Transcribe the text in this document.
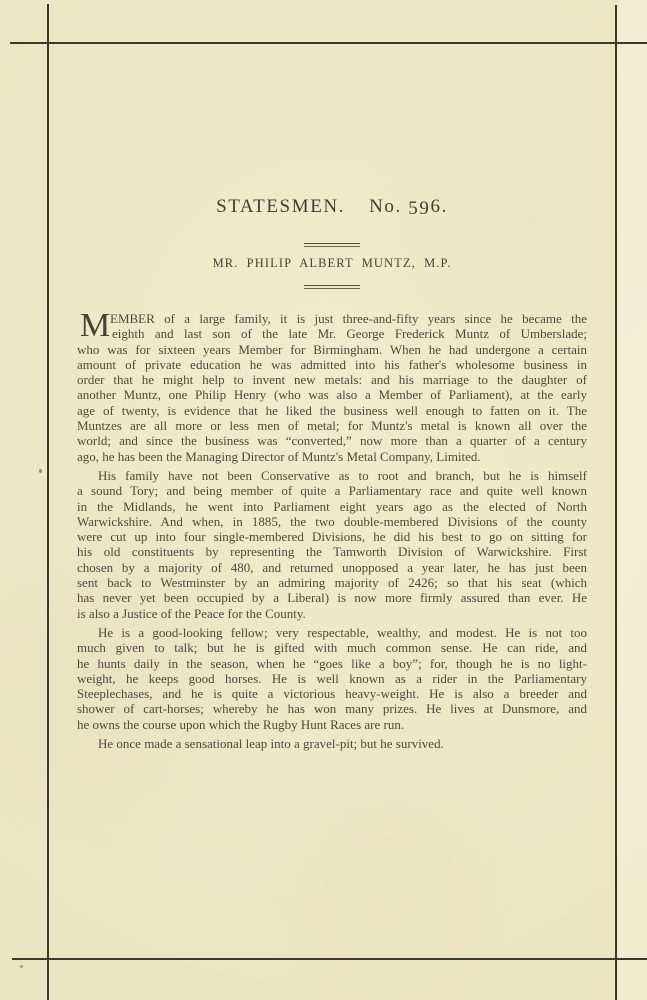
STATESMEN. No. 596.
MR. PHILIP ALBERT MUNTZ, M.P.
M EMBER of a large family, it is just three-and-fifty years since he became the
eighth and last son of the late Mr. George Frederick Muntz of Umberslade;
who was for sixteen years Member for Birmingham. When he had undergone a certain
amount of private education he was admitted into his father's wholesome business in
order that he might help to invent new metals: and his marriage to the daughter of
another Muntz, one Philip Henry (who was also a Member of Parliament), at the early
age of twenty, is evidence that he liked the business well enough to fatten on it. The
Muntzes are all more or less men of metal; for Muntz's metal is known all over the
world; and since the business was “converted,” now more than a quarter of a century
ago, he has been the Managing Director of Muntz's Metal Company, Limited.
His family have not been Conservative as to root and branch, but he is himself
a sound Tory; and being member of quite a Parliamentary race and quite well known
in the Midlands, he went into Parliament eight years ago as the elected of North
Warwickshire. And when, in 1885, the two double-membered Divisions of the county
were cut up into four single-membered Divisions, he did his best to go on sitting for
his old constituents by representing the Tamworth Division of Warwickshire. First
chosen by a majority of 480, and returned unopposed a year later, he has just been
sent back to Westminster by an admiring majority of 2426; so that his seat (which
has never yet been occupied by a Liberal) is now more firmly assured than ever. He
is also a Justice of the Peace for the County.
He is a good-looking fellow; very respectable, wealthy, and modest. He is not too
much given to talk; but he is gifted with much common sense. He can ride, and
he hunts daily in the season, when he “goes like a boy”; for, though he is no light-
weight, he keeps good horses. He is well known as a rider in the Parliamentary
Steeplechases, and he is quite a victorious heavy-weight. He is also a breeder and
shower of cart-horses; whereby he has won many prizes. He lives at Dunsmore, and
he owns the course upon which the Rugby Hunt Races are run.
He once made a sensational leap into a gravel-pit; but he survived.
